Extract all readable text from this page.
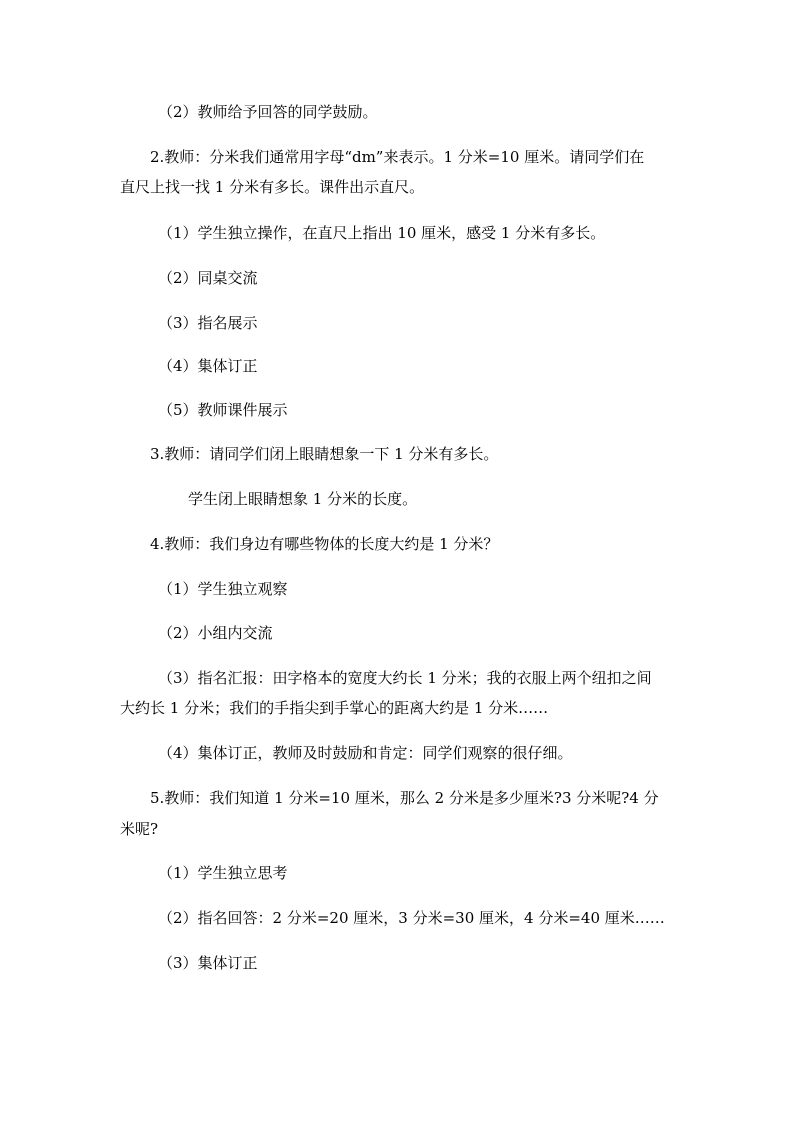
（2）教师给予回答的同学鼓励。
2.教师：分米我们通常用字母“dm”来表示。1 分米=10 厘米。请同学们在
直尺上找一找 1 分米有多长。课件出示直尺。
（1）学生独立操作，在直尺上指出 10 厘米，感受 1 分米有多长。
（2）同桌交流
（3）指名展示
（4）集体订正
（5）教师课件展示
3.教师：请同学们闭上眼睛想象一下 1 分米有多长。
学生闭上眼睛想象 1 分米的长度。
4.教师：我们身边有哪些物体的长度大约是 1 分米？
（1）学生独立观察
（2）小组内交流
（3）指名汇报：田字格本的宽度大约长 1 分米；我的衣服上两个纽扣之间
大约长 1 分米；我们的手指尖到手掌心的距离大约是 1 分米……
（4）集体订正，教师及时鼓励和肯定：同学们观察的很仔细。
5.教师：我们知道 1 分米=10 厘米，那么 2 分米是多少厘米?3 分米呢?4 分
米呢?
（1）学生独立思考
（2）指名回答：2 分米=20 厘米，3 分米=30 厘米，4 分米=40 厘米……
（3）集体订正
